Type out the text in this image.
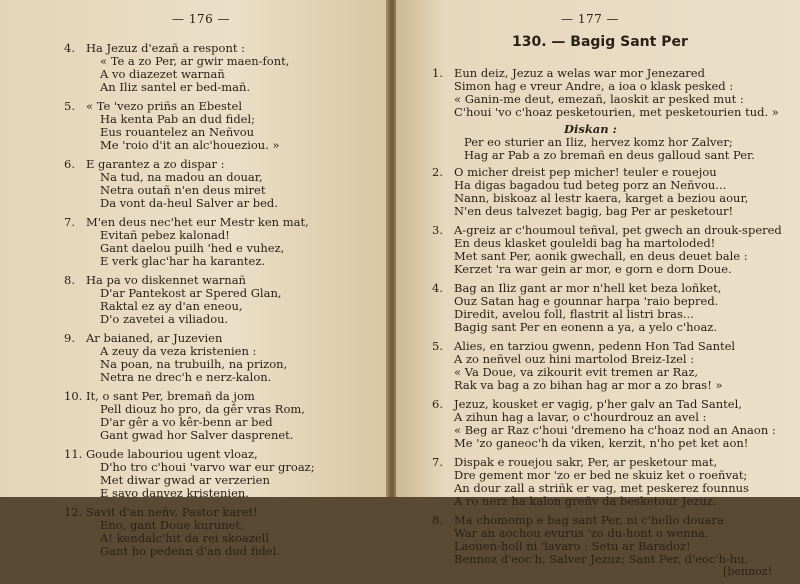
— 176 —
4. Ha Jezuz d'ezañ a respont :
« Te a zo Per, ar gwir maen-font,
A vo diazezet warnañ
An Iliz santel er bed-mañ.
5. « Te 'vezo priñs an Ebestel
Ha kenta Pab an dud fidel;
Eus rouantelez an Neñvou
Me 'roio d'it an alc'houeziou. »
6. E garantez a zo dispar :
Na tud, na madou an douar,
Netra outañ n'en deus miret
Da vont da-heul Salver ar bed.
7. M'en deus nec'het eur Mestr ken mat,
Evitañ pebez kalonad!
Gant daelou puilh 'hed e vuhez,
E verk glac'har ha karantez.
8. Ha pa vo diskennet warnañ
D'ar Pantekost ar Spered Glan,
Raktal ez ay d'an eneou,
D'o zavetei a viliadou.
9. Ar baianed, ar Juzevien
A zeuy da veza kristenien :
Na poan, na trubuilh, na prizon,
Netra ne drec'h e nerz-kalon.
10. It, o sant Per, bremañ da jom
Pell diouz ho pro, da gêr vras Rom,
D'ar gêr a vo kêr-benn ar bed
Gant gwad hor Salver dasprenet.
11. Goude labouriou ugent vloaz,
D'ho tro c'houi 'varvo war eur groaz;
Met diwar gwad ar verzerien
E savo danvez kristenien.
12. Savit d'an neñv, Pastor karet!
Eno, gant Doue kurunet,
A! kendalc'hit da rei skoazell
Gant ho pedenn d'an dud fidel.
— 177 —
130. — Bagig Sant Per
1. Eun deiz, Jezuz a welas war mor Jenezared
Simon hag e vreur Andre, a ioa o klask pesked :
« Ganin-me deut, emezañ, laoskit ar pesked mut :
C'houi 'vo c'hoaz pesketourien, met pesketourien tud. »
Diskan :
Per eo sturier an Iliz, hervez komz hor Zalver;
Hag ar Pab a zo bremañ en deus galloud sant Per.
2. O micher dreist pep micher! teuler e rouejou
Ha digas bagadou tud beteg porz an Neñvou...
Nann, biskoaz al lestr kaera, karget a beziou aour,
N'en deus talvezet bagig, bag Per ar pesketour!
3. A-greiz ar c'houmoul teñval, pet gwech an drouk-spered
En deus klasket gouleldi bag ha martoloded!
Met sant Per, aonik gwechall, en deus deuet bale :
Kerzet 'ra war gein ar mor, e gorn e dorn Doue.
4. Bag an Iliz gant ar mor n'hell ket beza loñket,
Ouz Satan hag e gounnar harpa 'raio bepred.
Diredit, avelou foll, flastrit al listri bras...
Bagig sant Per en eonenn a ya, a yelo c'hoaz.
5. Alies, en tarziou gwenn, pedenn Hon Tad Santel
A zo neñvel ouz hini martolod Breiz-Izel :
« Va Doue, va zikourit evit tremen ar Raz,
Rak va bag a zo bihan hag ar mor a zo bras! »
6. Jezuz, kousket er vagig, p'her galv an Tad Santel,
A zihun hag a lavar, o c'hourdrouz an avel :
« Beg ar Raz c'houi 'dremeno ha c'hoaz nod an Anaon :
Me 'zo ganeoc'h da viken, kerzit, n'ho pet ket aon!
7. Dispak e rouejou sakr, Per, ar pesketour mat,
Dre gement mor 'zo er bed ne skuiz ket o roeñvat;
An dour zall a striñk er vag, met peskerez founnus
A ro nerz ha kalon greñv da besketour Jezuz.
8. Ma chomomp e bag sant Per, ni c'hello douara
War an aochou evurus 'zo du-hont o wenna.
Laouen-holl ni 'lavaro : Setu ar Baradoz!
Bennoz d'eoc'h, Salver Jezuz; Sant Per, d'eoc'h-hu,
[bennoz!
